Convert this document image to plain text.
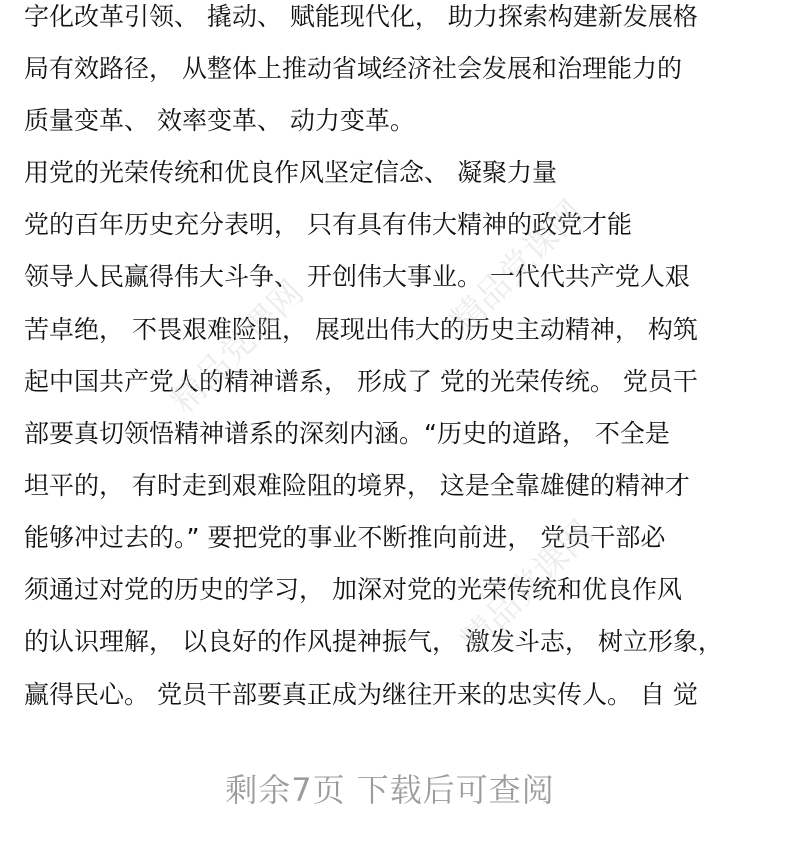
字化改革引领、 撬动、 赋能现代化， 助力探索构建新发展格
局有效路径， 从整体上推动省域经济社会发展和治理能力的
质量变革、 效率变革、 动力变革。
用党的光荣传统和优良作风坚定信念、 凝聚力量
党的百年历史充分表明， 只有具有伟大精神的政党才能
领导人民赢得伟大斗争、 开创伟大事业。 一代代共产党人艰
苦卓绝， 不畏艰难险阻， 展现出伟大的历史主动精神， 构筑
起中国共产党人的精神谱系， 形成了 党的光荣传统。 党员干
部要真切领悟精神谱系的深刻内涵。“历史的道路， 不全是
坦平的， 有时走到艰难险阻的境界， 这是全靠雄健的精神才
能够冲过去的。” 要把党的事业不断推向前进， 党员干部必
须通过对党的历史的学习， 加深对党的光荣传统和优良作风
的认识理解， 以良好的作风提神振气， 激发斗志， 树立形象，
赢得民心。 党员干部要真正成为继往开来的忠实传人。 自 觉
精品党课网
精品党课网
精品党课网
剩余7页 下载后可查阅
